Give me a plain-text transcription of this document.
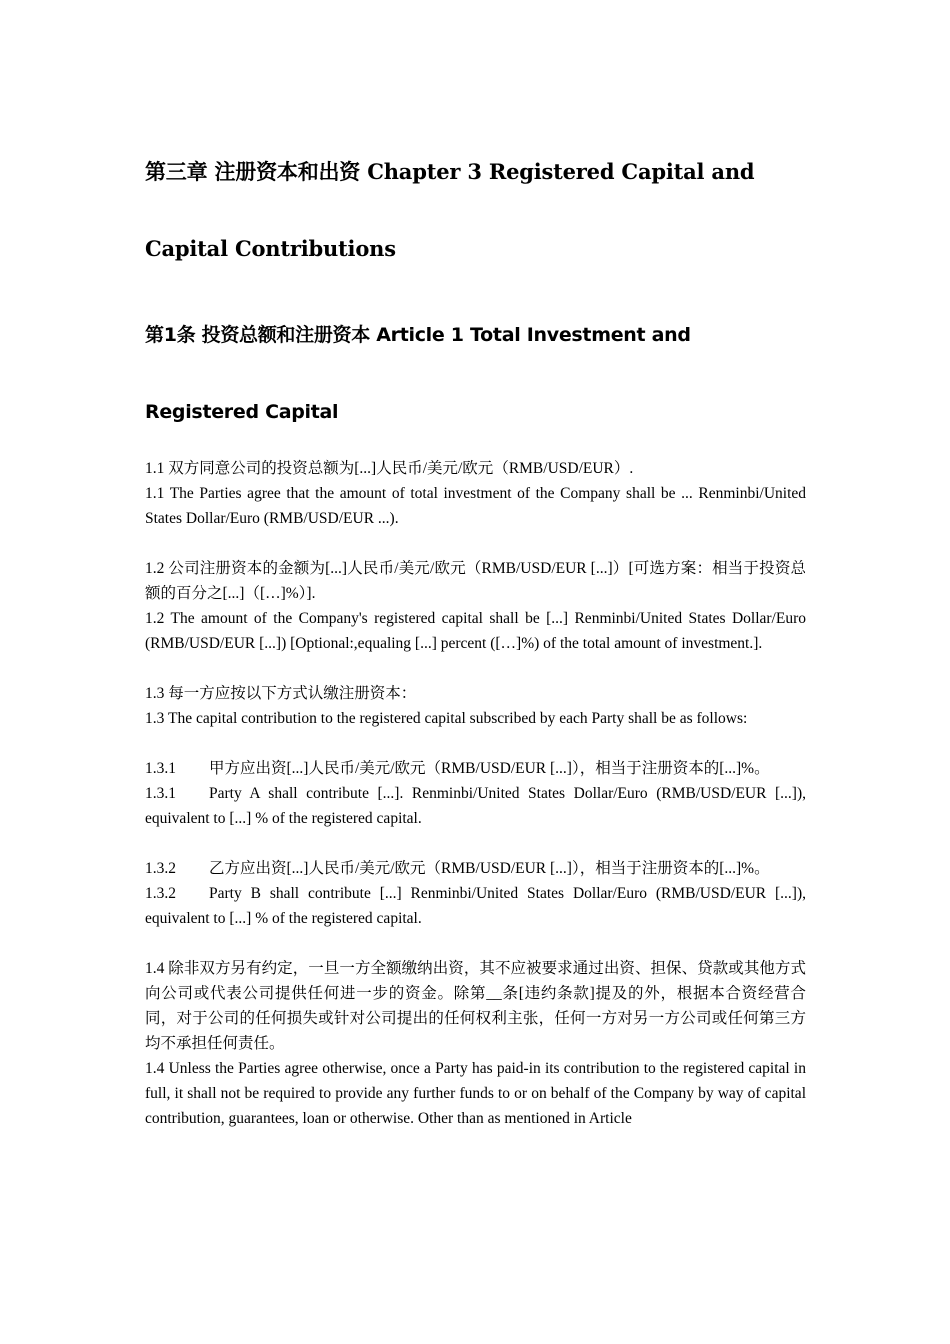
第三章 注册资本和出资 Chapter 3 Registered Capital and Capital Contributions
第1条 投资总额和注册资本 Article 1 Total Investment and Registered Capital

1.1 双方同意公司的投资总额为[...]人民币/美元/欧元（RMB/USD/EUR）.

1.1 The Parties agree that the amount of total investment of the Company shall be ... Renminbi/United States Dollar/Euro (RMB/USD/EUR ...).

1.2 公司注册资本的金额为[...]人民币/美元/欧元（RMB/USD/EUR [...]）[可选方案：相当于投资总额的百分之[...]（[…]%）].

1.2 The amount of the Company's registered capital shall be [...] Renminbi/United States Dollar/Euro (RMB/USD/EUR [...]) [Optional:,equaling [...] percent ([…]%) of the total amount of investment.].

1.3 每一方应按以下方式认缴注册资本：

1.3 The capital contribution to the registered capital subscribed by each Party shall be as follows:

1.3.1 甲方应出资[...]人民币/美元/欧元（RMB/USD/EUR [...]），相当于注册资本的[...]%。

1.3.1 Party A shall contribute [...]. Renminbi/United States Dollar/Euro (RMB/USD/EUR [...]), equivalent to [...] % of the registered capital.

1.3.2 乙方应出资[...]人民币/美元/欧元（RMB/USD/EUR [...]），相当于注册资本的[...]%。

1.3.2 Party B shall contribute [...] Renminbi/United States Dollar/Euro (RMB/USD/EUR [...]), equivalent to [...] % of the registered capital.

1.4 除非双方另有约定，一旦一方全额缴纳出资，其不应被要求通过出资、担保、贷款或其他方式向公司或代表公司提供任何进一步的资金。除第__条[违约条款]提及的外，根据本合资经营合同，对于公司的任何损失或针对公司提出的任何权利主张，任何一方对另一方公司或任何第三方均不承担任何责任。

1.4 Unless the Parties agree otherwise, once a Party has paid-in its contribution to the registered capital in full, it shall not be required to provide any further funds to or on behalf of the Company by way of capital contribution, guarantees, loan or otherwise. Other than as mentioned in Article
